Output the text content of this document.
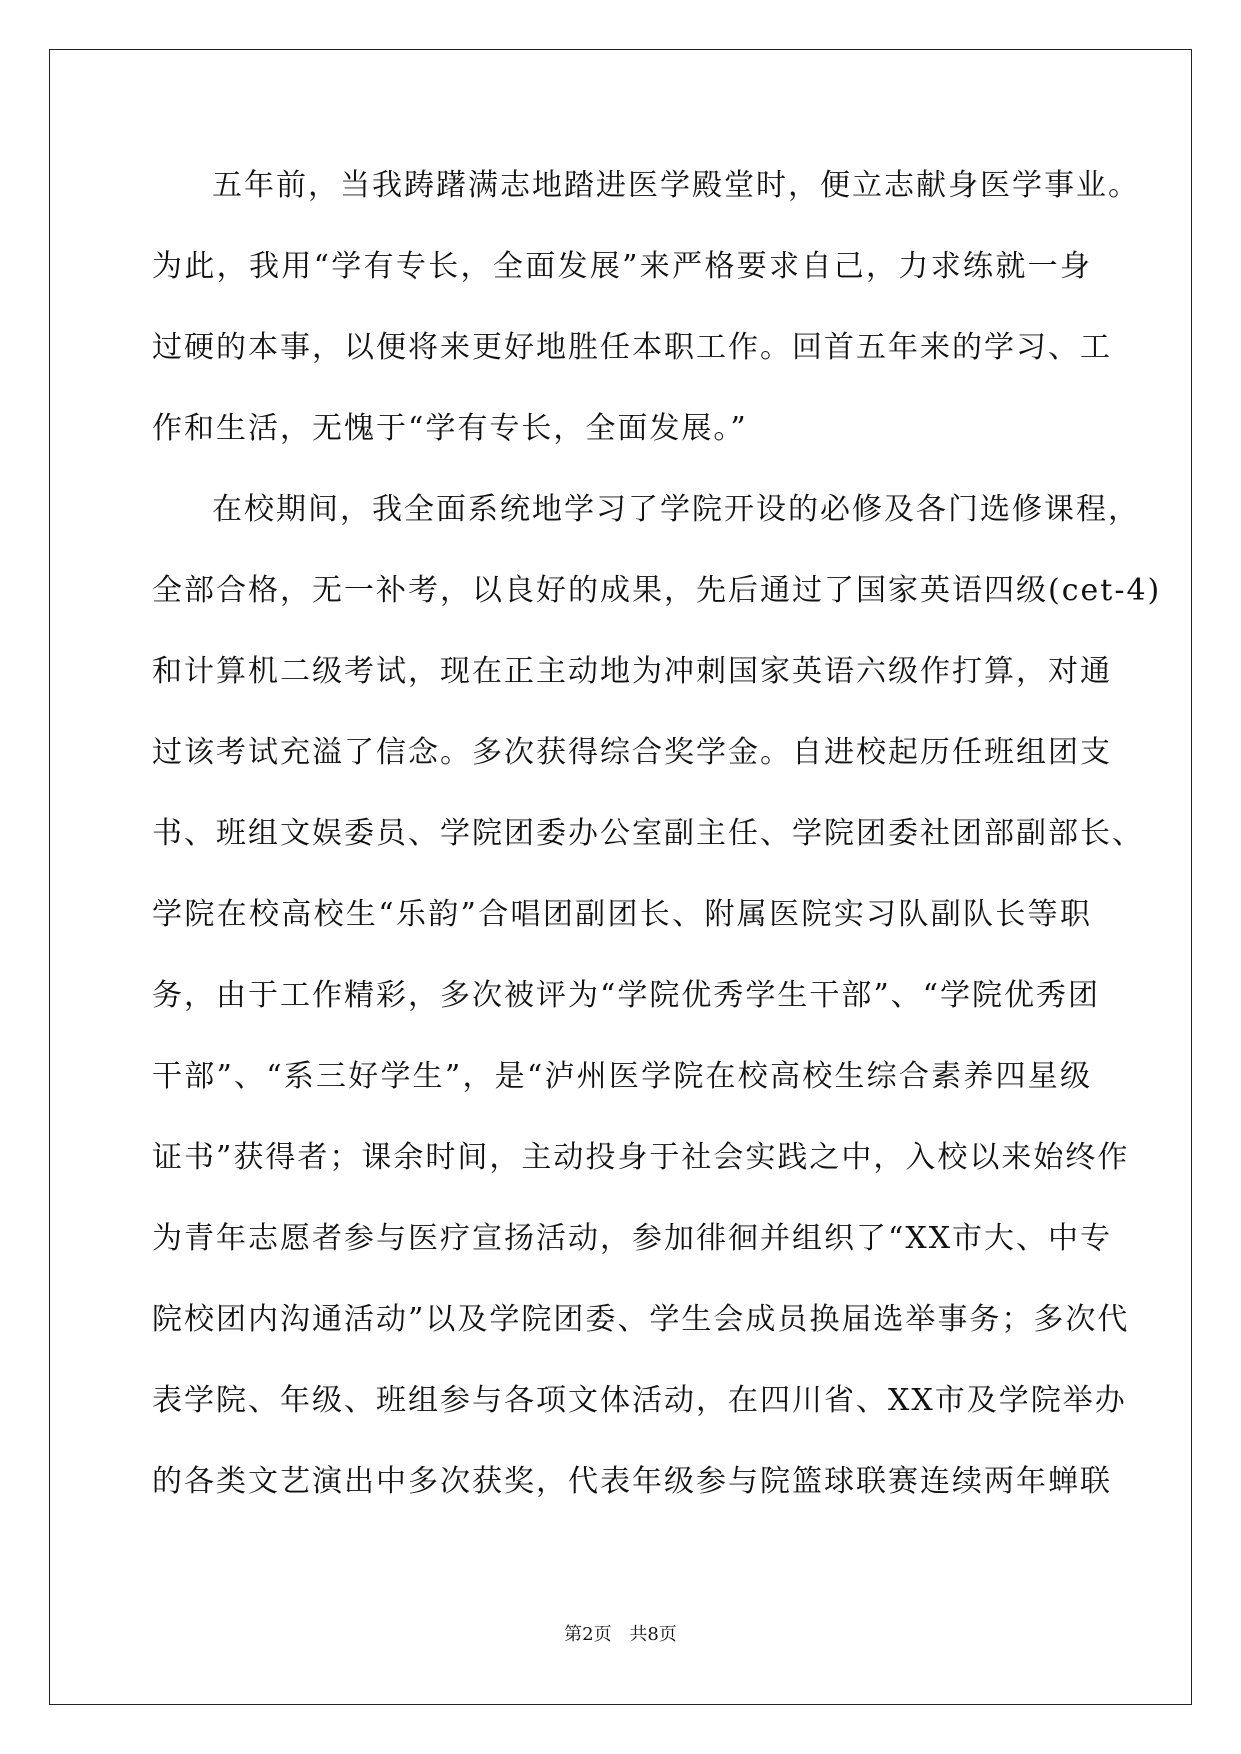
五年前，当我踌躇满志地踏进医学殿堂时，便立志献身医学事业。
为此，我用“学有专长，全面发展”来严格要求自己，力求练就一身
过硬的本事，以便将来更好地胜任本职工作。回首五年来的学习、工
作和生活，无愧于“学有专长，全面发展。”
在校期间，我全面系统地学习了学院开设的必修及各门选修课程，
全部合格，无一补考，以良好的成果，先后通过了国家英语四级(cet-4)
和计算机二级考试，现在正主动地为冲刺国家英语六级作打算，对通
过该考试充溢了信念。多次获得综合奖学金。自进校起历任班组团支
书、班组文娱委员、学院团委办公室副主任、学院团委社团部副部长、
学院在校高校生“乐韵”合唱团副团长、附属医院实习队副队长等职
务，由于工作精彩，多次被评为“学院优秀学生干部”、“学院优秀团
干部”、“系三好学生”，是“泸州医学院在校高校生综合素养四星级
证书”获得者；课余时间，主动投身于社会实践之中，入校以来始终作
为青年志愿者参与医疗宣扬活动，参加徘徊并组织了“XX市大、中专
院校团内沟通活动”以及学院团委、学生会成员换届选举事务；多次代
表学院、年级、班组参与各项文体活动，在四川省、XX市及学院举办
的各类文艺演出中多次获奖，代表年级参与院篮球联赛连续两年蝉联
第2页 共8页
